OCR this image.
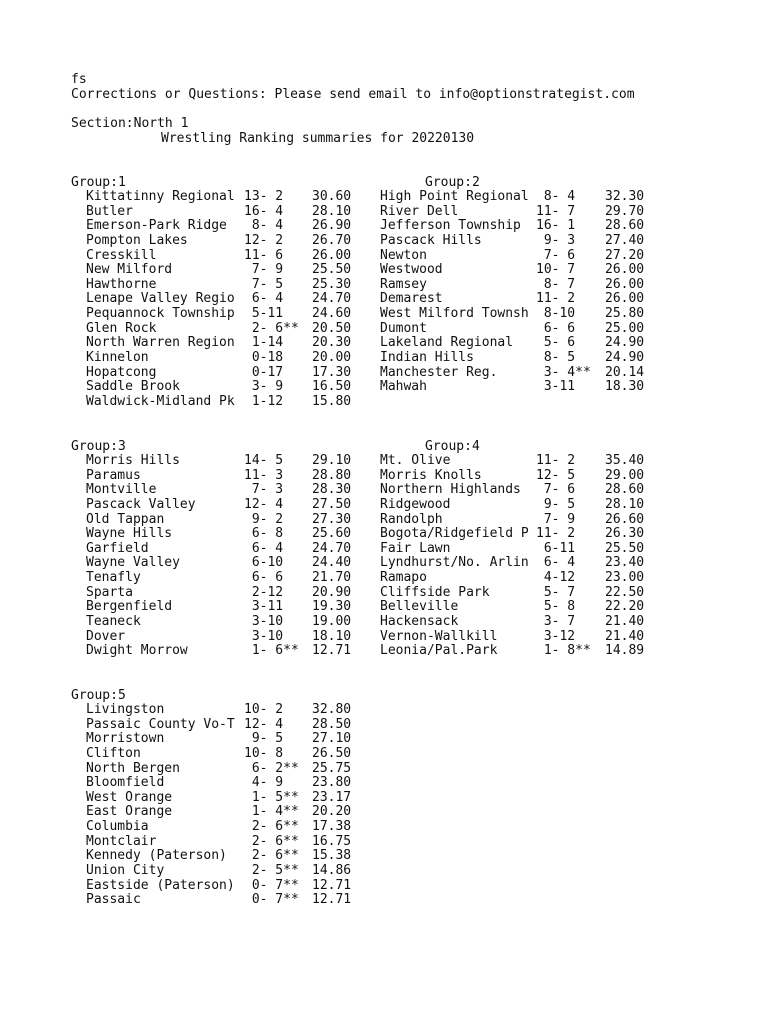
fs
Corrections or Questions: Please send email to info@optionstrategist.com
Section:North 1
Wrestling Ranking summaries for 20220130
Group:1
Kittatinny Regional 13- 2 30.60
Butler	16- 4 28.10
Emerson-Park Ridge 8- 4 26.90
Pompton Lakes	12- 2 26.70
Cresskill	11- 6 26.00
New Milford	7- 9 25.50
Hawthorne	7- 5 25.30
Lenape Valley Regio 6- 4 24.70
Pequannock Township 5-11 24.60
Glen Rock	2- 6** 20.50
North Warren Region 1-14 20.30
Kinnelon	0-18 20.00
Hopatcong	0-17 17.30
Saddle Brook	3- 9 16.50
Waldwick-Midland Pk 1-12 15.80
Group:2
High Point Regional 8- 4 32.30
River Dell	11- 7 29.70
Jefferson Township 16- 1 28.60
Pascack Hills	9- 3 27.40
Newton	7- 6 27.20
Westwood	10- 7 26.00
Ramsey	8- 7 26.00
Demarest	11- 2 26.00
West Milford Townsh 8-10 25.80
Dumont	6- 6 25.00
Lakeland Regional 5- 6 24.90
Indian Hills	8- 5 24.90
Manchester Reg.	3- 4** 20.14
Mahwah	3-11 18.30
Group:3
Morris Hills	14- 5 29.10
Paramus	11- 3 28.80
Montville	7- 3 28.30
Pascack Valley	12- 4 27.50
Old Tappan	9- 2 27.30
Wayne Hills	6- 8 25.60
Garfield	6- 4 24.70
Wayne Valley	6-10 24.40
Tenafly	6- 6 21.70
Sparta	2-12 20.90
Bergenfield	3-11 19.30
Teaneck	3-10 19.00
Dover	3-10 18.10
Dwight Morrow	1- 6** 12.71
Group:4
Mt. Olive	11- 2 35.40
Morris Knolls	12- 5 29.00
Northern Highlands 7- 6 28.60
Ridgewood	9- 5 28.10
Randolph	7- 9 26.60
Bogota/Ridgefield P 11- 2 26.30
Fair Lawn	6-11 25.50
Lyndhurst/No. Arlin 6- 4 23.40
Ramapo	4-12 23.00
Cliffside Park	5- 7 22.50
Belleville	5- 8 22.20
Hackensack	3- 7 21.40
Vernon-Wallkill	3-12 21.40
Leonia/Pal.Park	1- 8** 14.89
Group:5
Livingston	10- 2 32.80
Passaic County Vo-T 12- 4 28.50
Morristown	9- 5 27.10
Clifton	10- 8 26.50
North Bergen	6- 2** 25.75
Bloomfield	4- 9 23.80
West Orange	1- 5** 23.17
East Orange	1- 4** 20.20
Columbia	2- 6** 17.38
Montclair	2- 6** 16.75
Kennedy (Paterson) 2- 6** 15.38
Union City	2- 5** 14.86
Eastside (Paterson) 0- 7** 12.71
Passaic	0- 7** 12.71
